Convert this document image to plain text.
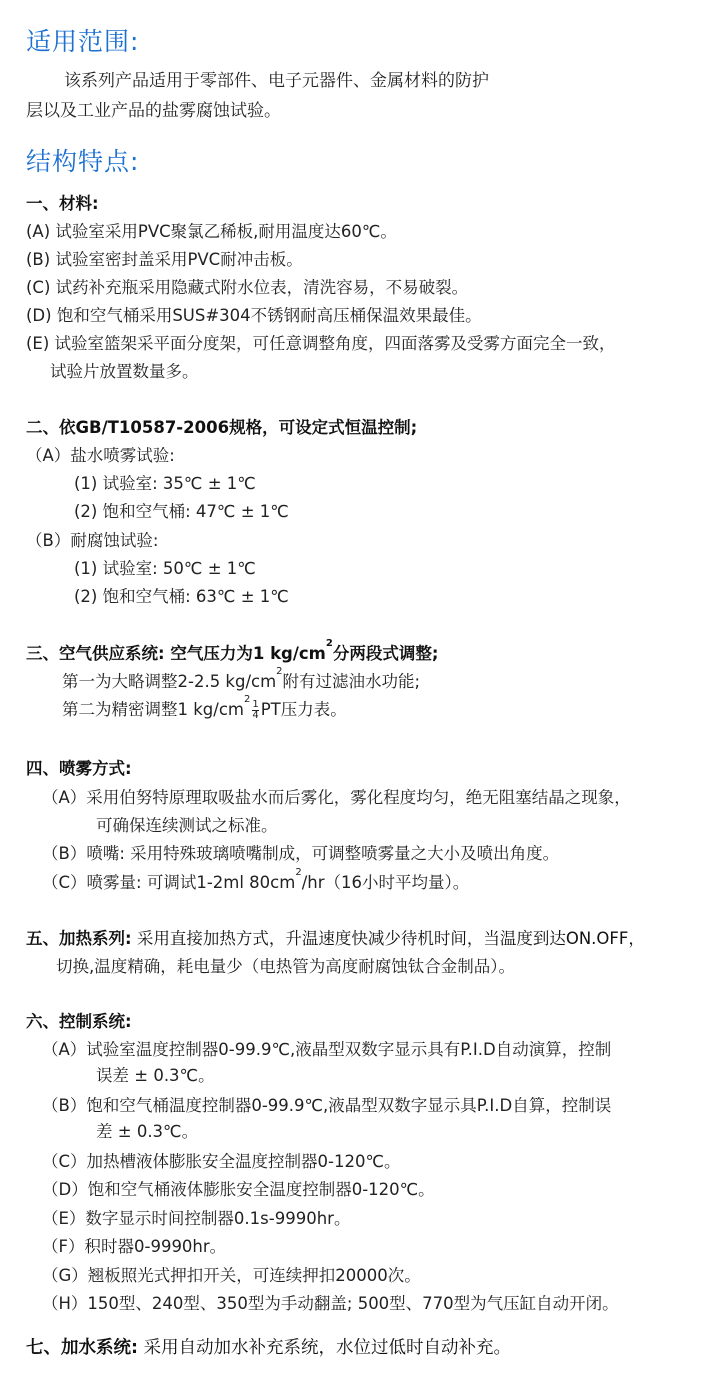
适用范围:

该系列产品适用于零部件、电子元器件、金属材料的防护

层以及工业产品的盐雾腐蚀试验。

结构特点:

一、材料:

(A) 试验室采用PVC聚氯乙稀板,耐用温度达60℃。

(B) 试验室密封盖采用PVC耐冲击板。

(C) 试药补充瓶采用隐藏式附水位表，清洗容易，不易破裂。

(D) 饱和空气桶采用SUS#304不锈钢耐高压桶保温效果最佳。

(E) 试验室篮架采平面分度架，可任意调整角度，四面落雾及受雾方面完全一致，

试验片放置数量多。

二、依GB/T10587-2006规格，可设定式恒温控制;

（A）盐水喷雾试验:

(1) 试验室: 35℃ ± 1℃

(2) 饱和空气桶: 47℃ ± 1℃

（B）耐腐蚀试验:

(1) 试验室: 50℃ ± 1℃

(2) 饱和空气桶: 63℃ ± 1℃

三、空气供应系统: 空气压力为1 $kg/cm^2$分两段式调整;

第一为大略调整2-2.5 $kg/cm^2$附有过滤油水功能;

第二为精密调整1 $kg/cm^2$
$\frac{1}{4}$ PT压力表。

四、喷雾方式:

（A）采用伯努特原理取吸盐水而后雾化，雾化程度均匀，绝无阻塞结晶之现象，

可确保连续测试之标准。

（B）喷嘴: 采用特殊玻璃喷嘴制成，可调整喷雾量之大小及喷出角度。

（C）喷雾量: 可调试1-2ml $80cm^2/hr(16$小时平均量）。

五、加热系列: 采用直接加热方式，升温速度快减少待机时间，当温度到达ON.OFF，

切换,温度精确，耗电量少（电热管为高度耐腐蚀钛合金制品）。

六、控制系统:

（A）试验室温度控制器0-99.9℃,液晶型双数字显示具有P.I.D自动演算，控制

误差 ± 0.3℃。

（B）饱和空气桶温度控制器0-99.9℃,液晶型双数字显示具P.I.D自算，控制误

差 ± 0.3℃。

（C）加热槽液体膨胀安全温度控制器0-120℃。

（D）饱和空气桶液体膨胀安全温度控制器0-120℃。

（E）数字显示时间控制器0.1s-9990hr。

（F）积时器0-9990hr。

（G）翘板照光式押扣开关，可连续押扣20000次。

（H）150型、240型、350型为手动翻盖; 500型、770型为气压缸自动开闭。

七、加水系统: 采用自动加水补充系统，水位过低时自动补充。
